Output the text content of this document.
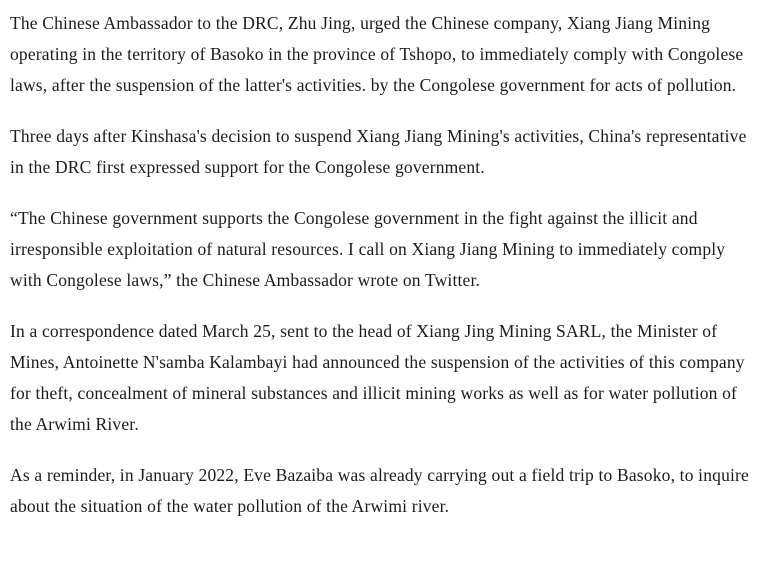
The Chinese Ambassador to the DRC, Zhu Jing, urged the Chinese company, Xiang Jiang Mining operating in the territory of Basoko in the province of Tshopo, to immediately comply with Congolese laws, after the suspension of the latter's activities. by the Congolese government for acts of pollution.

Three days after Kinshasa's decision to suspend Xiang Jiang Mining's activities, China's representative in the DRC first expressed support for the Congolese government.

“The Chinese government supports the Congolese government in the fight against the illicit and irresponsible exploitation of natural resources. I call on Xiang Jiang Mining to immediately comply with Congolese laws,” the Chinese Ambassador wrote on Twitter.

In a correspondence dated March 25, sent to the head of Xiang Jing Mining SARL, the Minister of Mines, Antoinette N'samba Kalambayi had announced the suspension of the activities of this company for theft, concealment of mineral substances and illicit mining works as well as for water pollution of the Arwimi River.

As a reminder, in January 2022, Eve Bazaiba was already carrying out a field trip to Basoko, to inquire about the situation of the water pollution of the Arwimi river.
